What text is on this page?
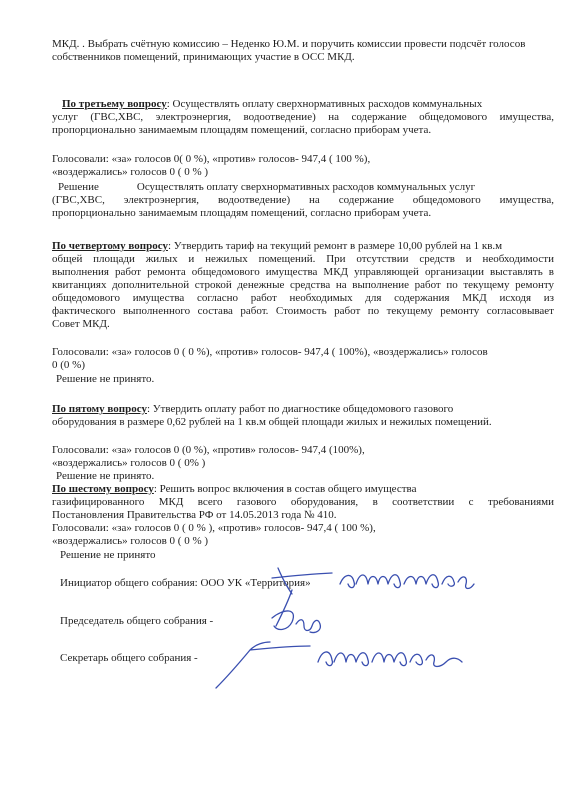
МКД. . Выбрать счётную комиссию – Неденко Ю.М. и поручить комиссии провести подсчёт голосов
собственников помещений, принимающих участие в ОСС МКД.
По третьему вопросу: Осуществлять оплату сверхнормативных расходов коммунальных
услуг (ГВС,ХВС, электроэнергия, водоотведение) на содержание общедомового имущества,
пропорционально занимаемым площадям помещений, согласно приборам учета.
Голосовали: «за» голосов 0( 0 %), «против» голосов- 947,4 ( 100 %),
«воздержались» голосов 0 ( 0 % )
Решение	Осуществлять оплату сверхнормативных расходов коммунальных услуг
(ГВС,ХВС, электроэнергия, водоотведение) на содержание общедомового имущества,
пропорционально занимаемым площадям помещений, согласно приборам учета.
По четвертому вопросу: Утвердить тариф на текущий ремонт в размере 10,00 рублей на 1 кв.м
общей площади жилых и нежилых помещений. При отсутствии средств и необходимости
выполнения работ ремонта общедомового имущества МКД управляющей организации выставлять в
квитанциях дополнительной строкой денежные средства на выполнение работ по текущему ремонту
общедомового имущества согласно работ необходимых для содержания МКД исходя из
фактического выполненного состава работ. Стоимость работ по текущему ремонту согласовывает
Совет МКД.
Голосовали: «за» голосов 0 ( 0 %), «против» голосов- 947,4 ( 100%), «воздержались» голосов
0 (0 %)
Решение не принято.
По пятому вопросу: Утвердить оплату работ по диагностике общедомового газового
оборудования в размере 0,62 рублей на 1 кв.м общей площади жилых и нежилых помещений.
Голосовали: «за» голосов 0 (0 %), «против» голосов- 947,4 (100%),
«воздержались» голосов 0 ( 0% )
Решение не принято.
По шестому вопросу: Решить вопрос включения в состав общего имущества
газифицированного МКД всего газового оборудования, в соответствии с требованиями
Постановления Правительства РФ от 14.05.2013 года № 410.
Голосовали: «за» голосов 0 ( 0 % ), «против» голосов- 947,4 ( 100 %),
«воздержались» голосов 0 ( 0 % )
Решение не принято
Инициатор общего собрания: ООО УК «Территория»
Председатель общего собрания -
Секретарь общего собрания -
